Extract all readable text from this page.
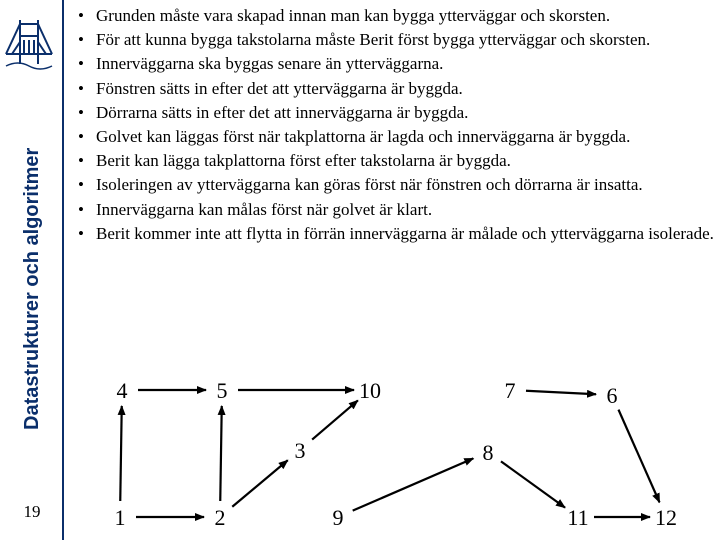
Datastrukturer och algoritmer
19
• Grunden måste vara skapad innan man kan bygga ytterväggar och skorsten.
• För att kunna bygga takstolarna måste Berit först bygga ytterväggar och skorsten.
• Innerväggarna ska byggas senare än ytterväggarna.
• Fönstren sätts in efter det att ytterväggarna är byggda.
• Dörrarna sätts in efter det att innerväggarna är byggda.
• Golvet kan läggas först när takplattorna är lagda och innerväggarna är byggda.
• Berit kan lägga takplattorna först efter takstolarna är byggda.
• Isoleringen av ytterväggarna kan göras först när fönstren och dörrarna är insatta.
• Innerväggarna kan målas först när golvet är klart.
• Berit kommer inte att flytta in förrän innerväggarna är målade och ytterväggarna isolerade.
1	2
3
4	5	6
7
8
9
10
11	12
